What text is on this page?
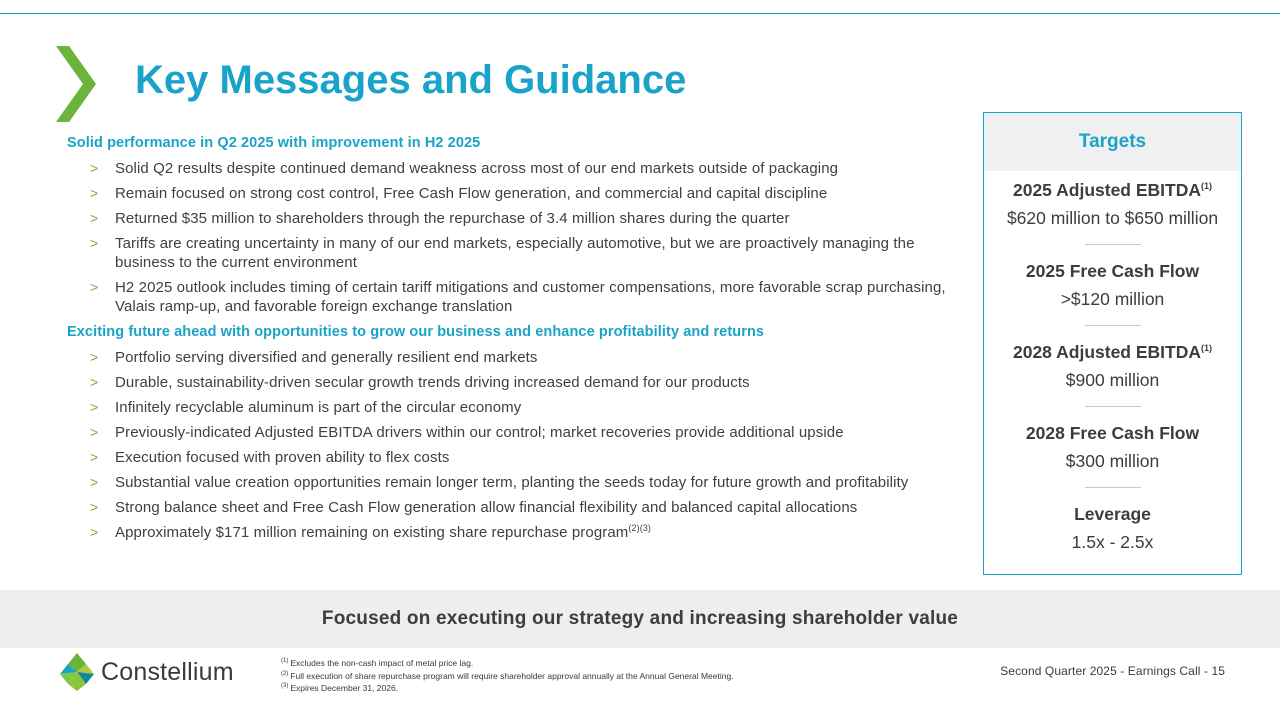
Key Messages and Guidance
Solid performance in Q2 2025 with improvement in H2 2025
> Solid Q2 results despite continued demand weakness across most of our end markets outside of packaging
> Remain focused on strong cost control, Free Cash Flow generation, and commercial and capital discipline
> Returned $35 million to shareholders through the repurchase of 3.4 million shares during the quarter
> Tariffs are creating uncertainty in many of our end markets, especially automotive, but we are proactively managing the business to the current environment
> H2 2025 outlook includes timing of certain tariff mitigations and customer compensations, more favorable scrap purchasing, Valais ramp-up, and favorable foreign exchange translation
Exciting future ahead with opportunities to grow our business and enhance profitability and returns
> Portfolio serving diversified and generally resilient end markets
> Durable, sustainability-driven secular growth trends driving increased demand for our products
> Infinitely recyclable aluminum is part of the circular economy
> Previously-indicated Adjusted EBITDA drivers within our control; market recoveries provide additional upside
> Execution focused with proven ability to flex costs
> Substantial value creation opportunities remain longer term, planting the seeds today for future growth and profitability
> Strong balance sheet and Free Cash Flow generation allow financial flexibility and balanced capital allocations
> Approximately $171 million remaining on existing share repurchase program$^{(2)(3)}$
Targets
2025 Adjusted EBITDA$^{(1)}$
$620 million to $650 million
2025 Free Cash Flow
>$120 million
2028 Adjusted EBITDA$^{(1)}$
$900 million
2028 Free Cash Flow
$300 million
Leverage
1.5x - 2.5x
Focused on executing our strategy and increasing shareholder value
Constellium	$^{(1)}$ Excludes the non-cash impact of metal price lag.
$^{(2)}$ Full execution of share repurchase program will require shareholder approval annually at the Annual General Meeting.
$^{(3)}$ Expires December 31, 2026.
Second Quarter 2025 - Earnings Call - 15
